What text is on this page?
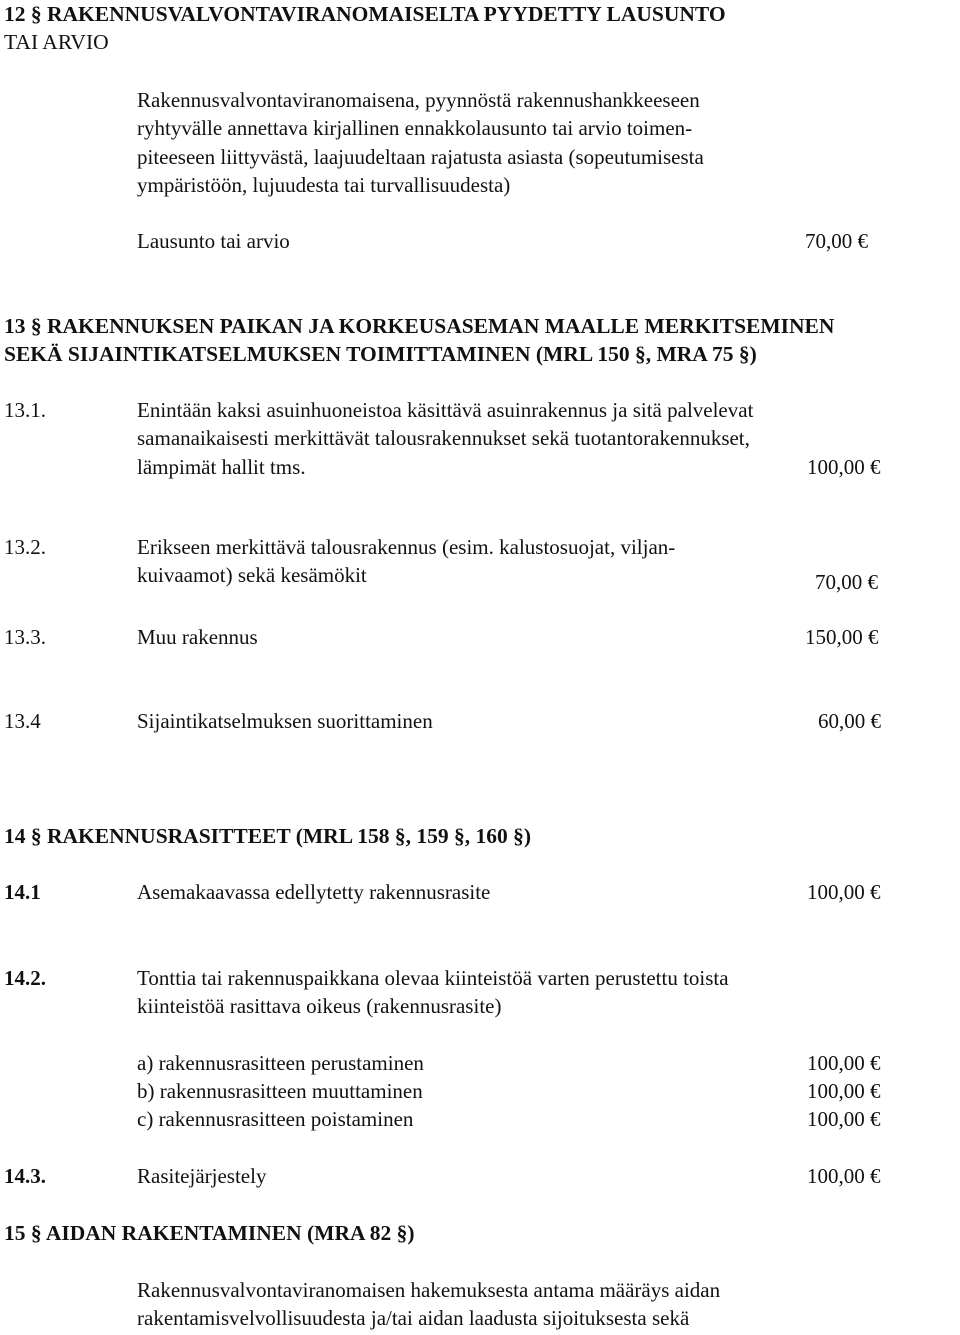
12 § RAKENNUSVALVONTAVIRANOMAISELTA PYYDETTY LAUSUNTO
TAI ARVIO
Rakennusvalvontaviranomaisena, pyynnöstä rakennushankkeeseen
ryhtyvälle annettava kirjallinen ennakkolausunto tai arvio toimen-
piteeseen liittyvästä, laajuudeltaan rajatusta asiasta (sopeutumisesta
ympäristöön, lujuudesta tai turvallisuudesta)
Lausunto tai arvio	70,00 €
13 § RAKENNUKSEN PAIKAN JA KORKEUSASEMAN MAALLE MERKITSEMINEN
SEKÄ SIJAINTIKATSELMUKSEN TOIMITTAMINEN (MRL 150 §, MRA 75 §)
13.1.	Enintään kaksi asuinhuoneistoa käsittävä asuinrakennus ja sitä palvelevat
samanaikaisesti merkittävät talousrakennukset sekä tuotantorakennukset,
lämpimät hallit tms.	100,00 €
13.2.	Erikseen merkittävä talousrakennus (esim. kalustosuojat, viljan-
kuivaamot) sekä kesämökit	70,00 €
13.3.	Muu rakennus	150,00 €
13.4	Sijaintikatselmuksen suorittaminen	60,00 €
14 § RAKENNUSRASITTEET (MRL 158 §, 159 §, 160 §)
14.1	Asemakaavassa edellytetty rakennusrasite	100,00 €
14.2.	Tonttia tai rakennuspaikkana olevaa kiinteistöä varten perustettu toista
kiinteistöä rasittava oikeus (rakennusrasite)
a) rakennusrasitteen perustaminen	100,00 €
b) rakennusrasitteen muuttaminen	100,00 €
c) rakennusrasitteen poistaminen	100,00 €
14.3.	Rasitejärjestely	100,00 €
15 § AIDAN RAKENTAMINEN (MRA 82 §)
Rakennusvalvontaviranomaisen hakemuksesta antama määräys aidan
rakentamisvelvollisuudesta ja/tai aidan laadusta sijoituksesta sekä
